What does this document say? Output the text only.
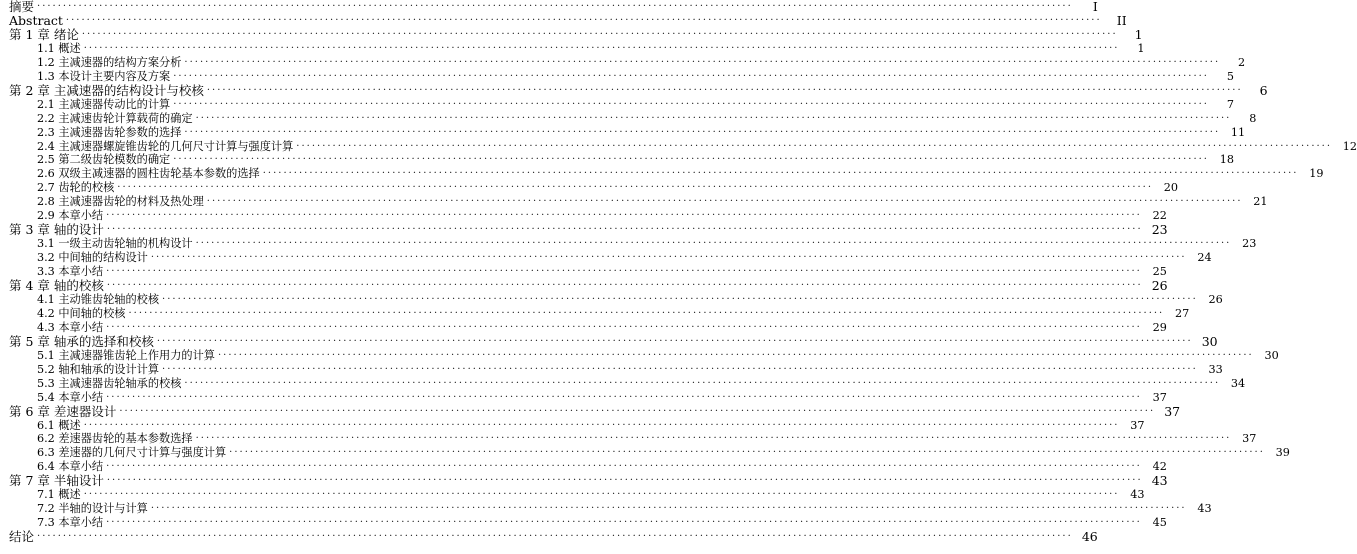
摘要 ········································································································································································································	I
Abstract ········································································································································································································	II
第 1 章 绪论 ········································································································································································································	1
1.1 概述 ········································································································································································································	1
1.2 主减速器的结构方案分析 ········································································································································································································	2
1.3 本设计主要内容及方案 ········································································································································································································	5
第 2 章 主减速器的结构设计与校核 ········································································································································································································	6
2.1 主减速器传动比的计算 ········································································································································································································	7
2.2 主减速齿轮计算载荷的确定 ········································································································································································································	8
2.3 主减速器齿轮参数的选择 ········································································································································································································ 11
2.4 主减速器螺旋锥齿轮的几何尺寸计算与强度计算 ········································································································································································································ 12
2.5 第二级齿轮模数的确定 ········································································································································································································ 18
2.6 双级主减速器的圆柱齿轮基本参数的选择 ········································································································································································································ 19
2.7 齿轮的校核 ········································································································································································································ 20
2.8 主减速器齿轮的材料及热处理 ········································································································································································································ 21
2.9 本章小结 ········································································································································································································ 22
第 3 章 轴的设计 ········································································································································································································ 23
3.1 一级主动齿轮轴的机构设计 ········································································································································································································ 23
3.2 中间轴的结构设计 ········································································································································································································ 24
3.3 本章小结 ········································································································································································································ 25
第 4 章 轴的校核 ········································································································································································································ 26
4.1 主动锥齿轮轴的校核 ········································································································································································································ 26
4.2 中间轴的校核 ········································································································································································································ 27
4.3 本章小结 ········································································································································································································ 29
第 5 章 轴承的选择和校核 ········································································································································································································ 30
5.1 主减速器锥齿轮上作用力的计算 ········································································································································································································ 30
5.2 轴和轴承的设计计算 ········································································································································································································ 33
5.3 主减速器齿轮轴承的校核 ········································································································································································································ 34
5.4 本章小结 ········································································································································································································ 37
第 6 章 差速器设计 ········································································································································································································ 37
6.1 概述 ········································································································································································································ 37
6.2 差速器齿轮的基本参数选择 ········································································································································································································ 37
6.3 差速器的几何尺寸计算与强度计算 ········································································································································································································ 39
6.4 本章小结 ········································································································································································································ 42
第 7 章 半轴设计 ········································································································································································································ 43
7.1 概述 ········································································································································································································ 43
7.2 半轴的设计与计算 ········································································································································································································ 43
7.3 本章小结 ········································································································································································································ 45
结论 ········································································································································································································ 46
